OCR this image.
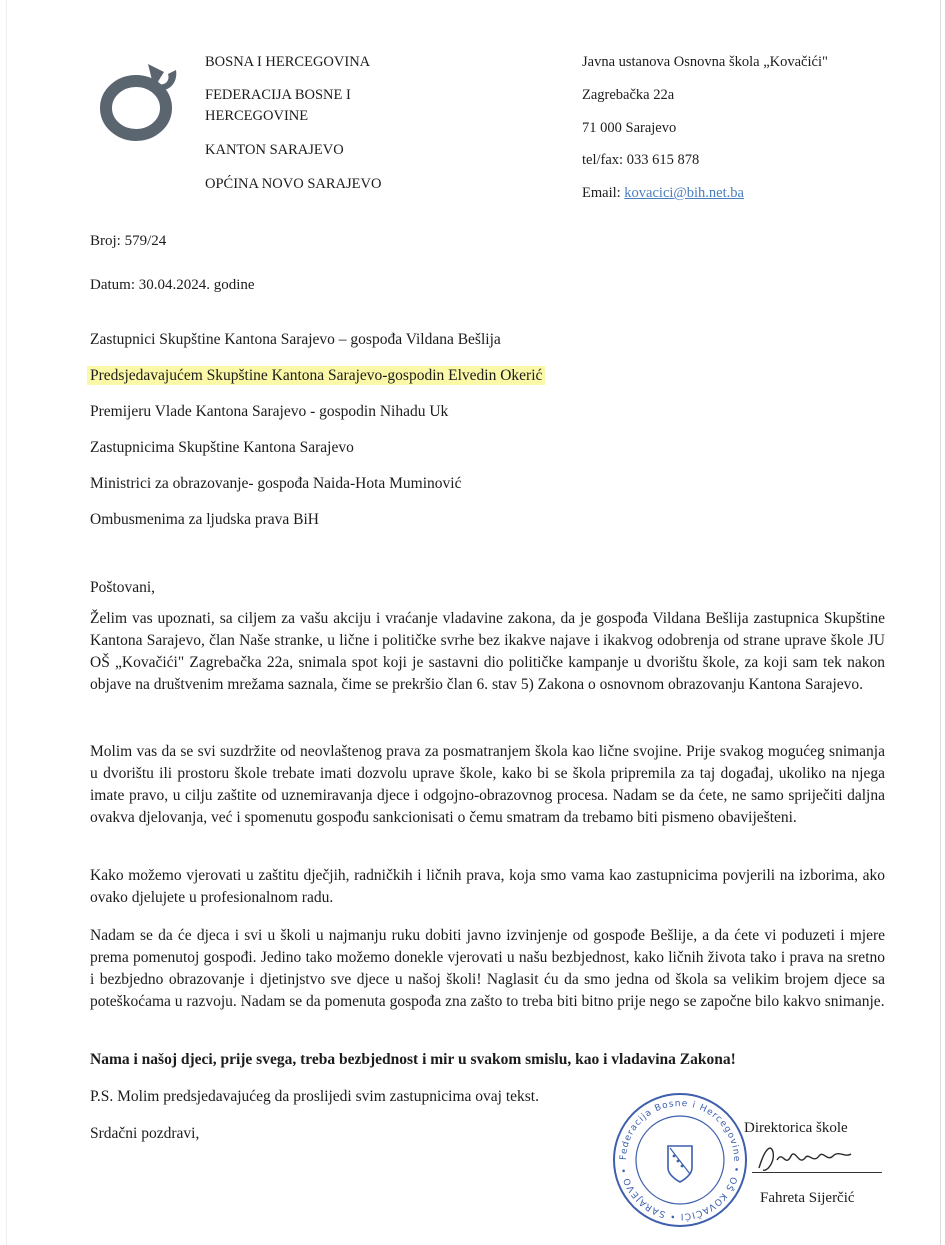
BOSNA I HERCEGOVINA
FEDERACIJA BOSNE I HERCEGOVINE
KANTON SARAJEVO
OPĆINA NOVO SARAJEVO
Javna ustanova Osnovna škola „Kovačići"
Zagrebačka 22a
71 000 Sarajevo
tel/fax: 033 615 878
Email: kovacici@bih.net.ba
Broj: 579/24
Datum: 30.04.2024. godine
Zastupnici Skupštine Kantona Sarajevo – gospođa Vildana Bešlija
Predsjedavajućem Skupštine Kantona Sarajevo-gospodin Elvedin Okerić
Premijeru Vlade Kantona Sarajevo - gospodin Nihadu Uk
Zastupnicima Skupštine Kantona Sarajevo
Ministrici za obrazovanje- gospođa Naida-Hota Muminović
Ombusmenima za ljudska prava BiH
Poštovani,
Želim vas upoznati, sa ciljem za vašu akciju i vraćanje vladavine zakona, da je gospođa Vildana Bešlija zastupnica Skupštine Kantona Sarajevo, član Naše stranke, u lične i političke svrhe bez ikakve najave i ikakvog odobrenja od strane uprave škole JU OŠ „Kovačići" Zagrebačka 22a, snimala spot koji je sastavni dio političke kampanje u dvorištu škole, za koji sam tek nakon objave na društvenim mrežama saznala, čime se prekršio član 6. stav 5) Zakona o osnovnom obrazovanju Kantona Sarajevo.
Molim vas da se svi suzdržite od neovlaštenog prava za posmatranjem škola kao lične svojine. Prije svakog mogućeg snimanja u dvorištu ili prostoru škole trebate imati dozvolu uprave škole, kako bi se škola pripremila za taj događaj, ukoliko na njega imate pravo, u cilju zaštite od uznemiravanja djece i odgojno-obrazovnog procesa. Nadam se da ćete, ne samo spriječiti daljna ovakva djelovanja, već i spomenutu gospođu sankcionisati o čemu smatram da trebamo biti pismeno obaviješteni.
Kako možemo vjerovati u zaštitu dječjih, radničkih i ličnih prava, koja smo vama kao zastupnicima povjerili na izborima, ako ovako djelujete u profesionalnom radu.
Nadam se da će djeca i svi u školi u najmanju ruku dobiti javno izvinjenje od gospođe Bešlije, a da ćete vi poduzeti i mjere prema pomenutoj gospođi. Jedino tako možemo donekle vjerovati u našu bezbjednost, kako ličnih života tako i prava na sretno i bezbjedno obrazovanje i djetinjstvo sve djece u našoj školi! Naglasit ću da smo jedna od škola sa velikim brojem djece sa poteškoćama u razvoju. Nadam se da pomenuta gospođa zna zašto to treba biti bitno prije nego se započne bilo kakvo snimanje.
Nama i našoj djeci, prije svega, treba bezbjednost i mir u svakom smislu, kao i vladavina Zakona!
P.S. Molim predsjedavajućeg da proslijedi svim zastupnicima ovaj tekst.
Srdačni pozdravi,
Federacija Bosne i Hercegovine • OŠ KOVAČIĆI • SARAJEVO •
Direktorica škole
Fahreta Sijerčić
